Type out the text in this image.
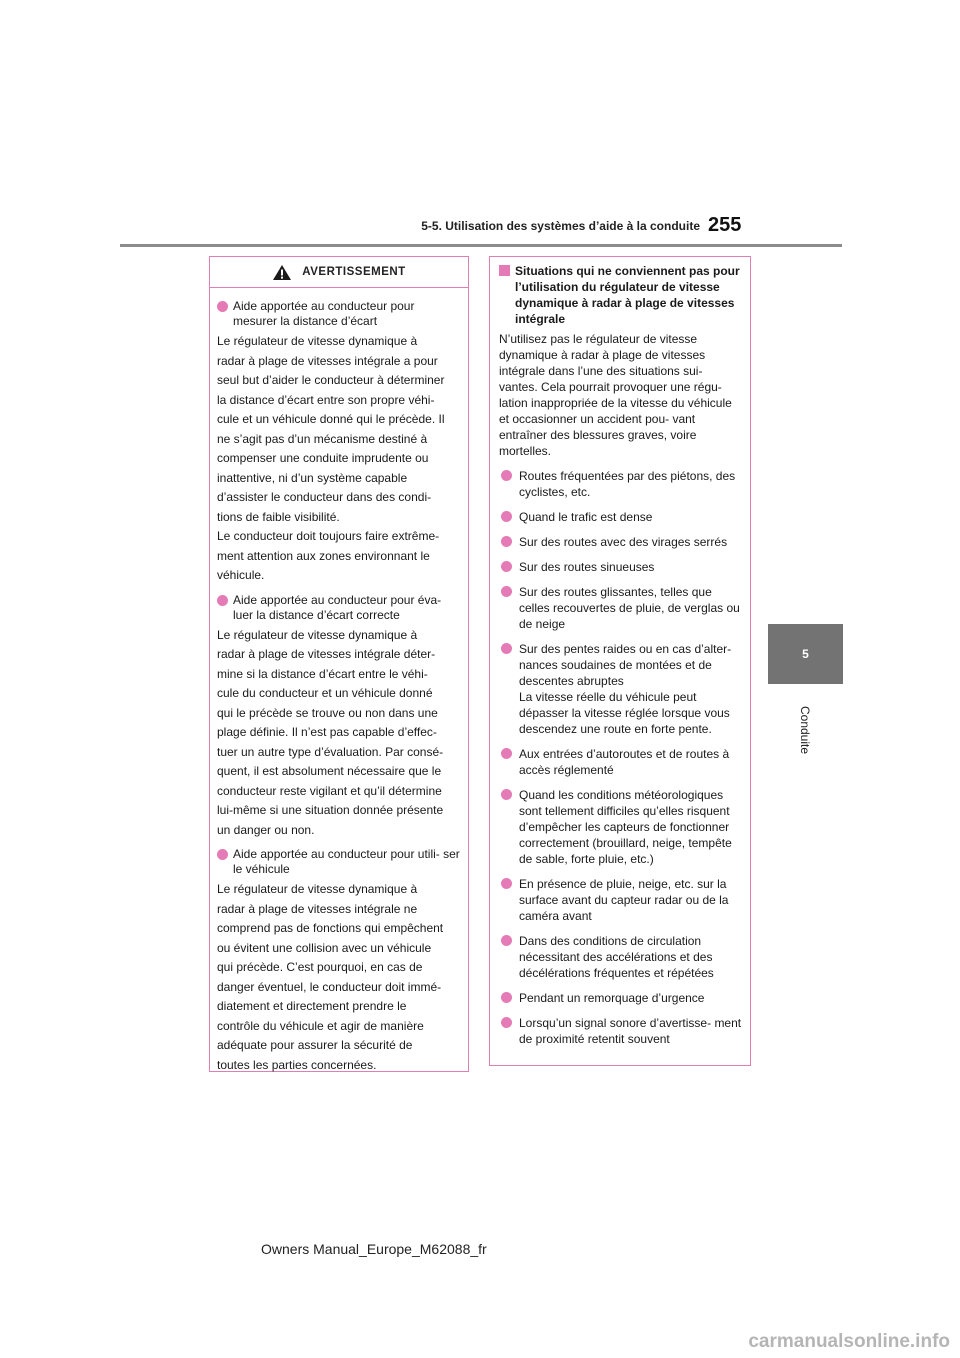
5-5. Utilisation des systèmes d’aide à la conduite 255
5
Conduite
AVERTISSEMENT
Aide apportée au conducteur pour mesurer la distance d’écart
Le régulateur de vitesse dynamique à
radar à plage de vitesses intégrale a pour
seul but d’aider le conducteur à déterminer
la distance d’écart entre son propre véhi-
cule et un véhicule donné qui le précède. Il
ne s’agit pas d’un mécanisme destiné à
compenser une conduite imprudente ou
inattentive, ni d’un système capable
d’assister le conducteur dans des condi-
tions de faible visibilité.
Le conducteur doit toujours faire extrême-
ment attention aux zones environnant le
véhicule.
Aide apportée au conducteur pour éva- luer la distance d’écart correcte
Le régulateur de vitesse dynamique à
radar à plage de vitesses intégrale déter-
mine si la distance d’écart entre le véhi-
cule du conducteur et un véhicule donné
qui le précède se trouve ou non dans une
plage définie. Il n’est pas capable d’effec-
tuer un autre type d’évaluation. Par consé-
quent, il est absolument nécessaire que le
conducteur reste vigilant et qu’il détermine
lui-même si une situation donnée présente
un danger ou non.
Aide apportée au conducteur pour utili- ser le véhicule
Le régulateur de vitesse dynamique à
radar à plage de vitesses intégrale ne
comprend pas de fonctions qui empêchent
ou évitent une collision avec un véhicule
qui précède. C’est pourquoi, en cas de
danger éventuel, le conducteur doit immé-
diatement et directement prendre le
contrôle du véhicule et agir de manière
adéquate pour assurer la sécurité de
toutes les parties concernées.
Situations qui ne conviennent pas pour l’utilisation du régulateur de vitesse dynamique à radar à plage de vitesses intégrale
N’utilisez pas le régulateur de vitesse dynamique à radar à plage de vitesses intégrale dans l’une des situations sui- vantes. Cela pourrait provoquer une régu- lation inappropriée de la vitesse du véhicule et occasionner un accident pou- vant entraîner des blessures graves, voire mortelles.
Routes fréquentées par des piétons, des cyclistes, etc.
Quand le trafic est dense
Sur des routes avec des virages serrés
Sur des routes sinueuses
Sur des routes glissantes, telles que celles recouvertes de pluie, de verglas ou de neige
Sur des pentes raides ou en cas d’alter- nances soudaines de montées et de descentes abruptes
La vitesse réelle du véhicule peut dépasser la vitesse réglée lorsque vous descendez une route en forte pente.
Aux entrées d’autoroutes et de routes à accès réglementé
Quand les conditions météorologiques sont tellement difficiles qu’elles risquent d’empêcher les capteurs de fonctionner correctement (brouillard, neige, tempête de sable, forte pluie, etc.)
En présence de pluie, neige, etc. sur la surface avant du capteur radar ou de la caméra avant
Dans des conditions de circulation nécessitant des accélérations et des décélérations fréquentes et répétées
Pendant un remorquage d’urgence
Lorsqu’un signal sonore d’avertisse- ment de proximité retentit souvent
Owners Manual_Europe_M62088_fr
carmanualsonline.info
